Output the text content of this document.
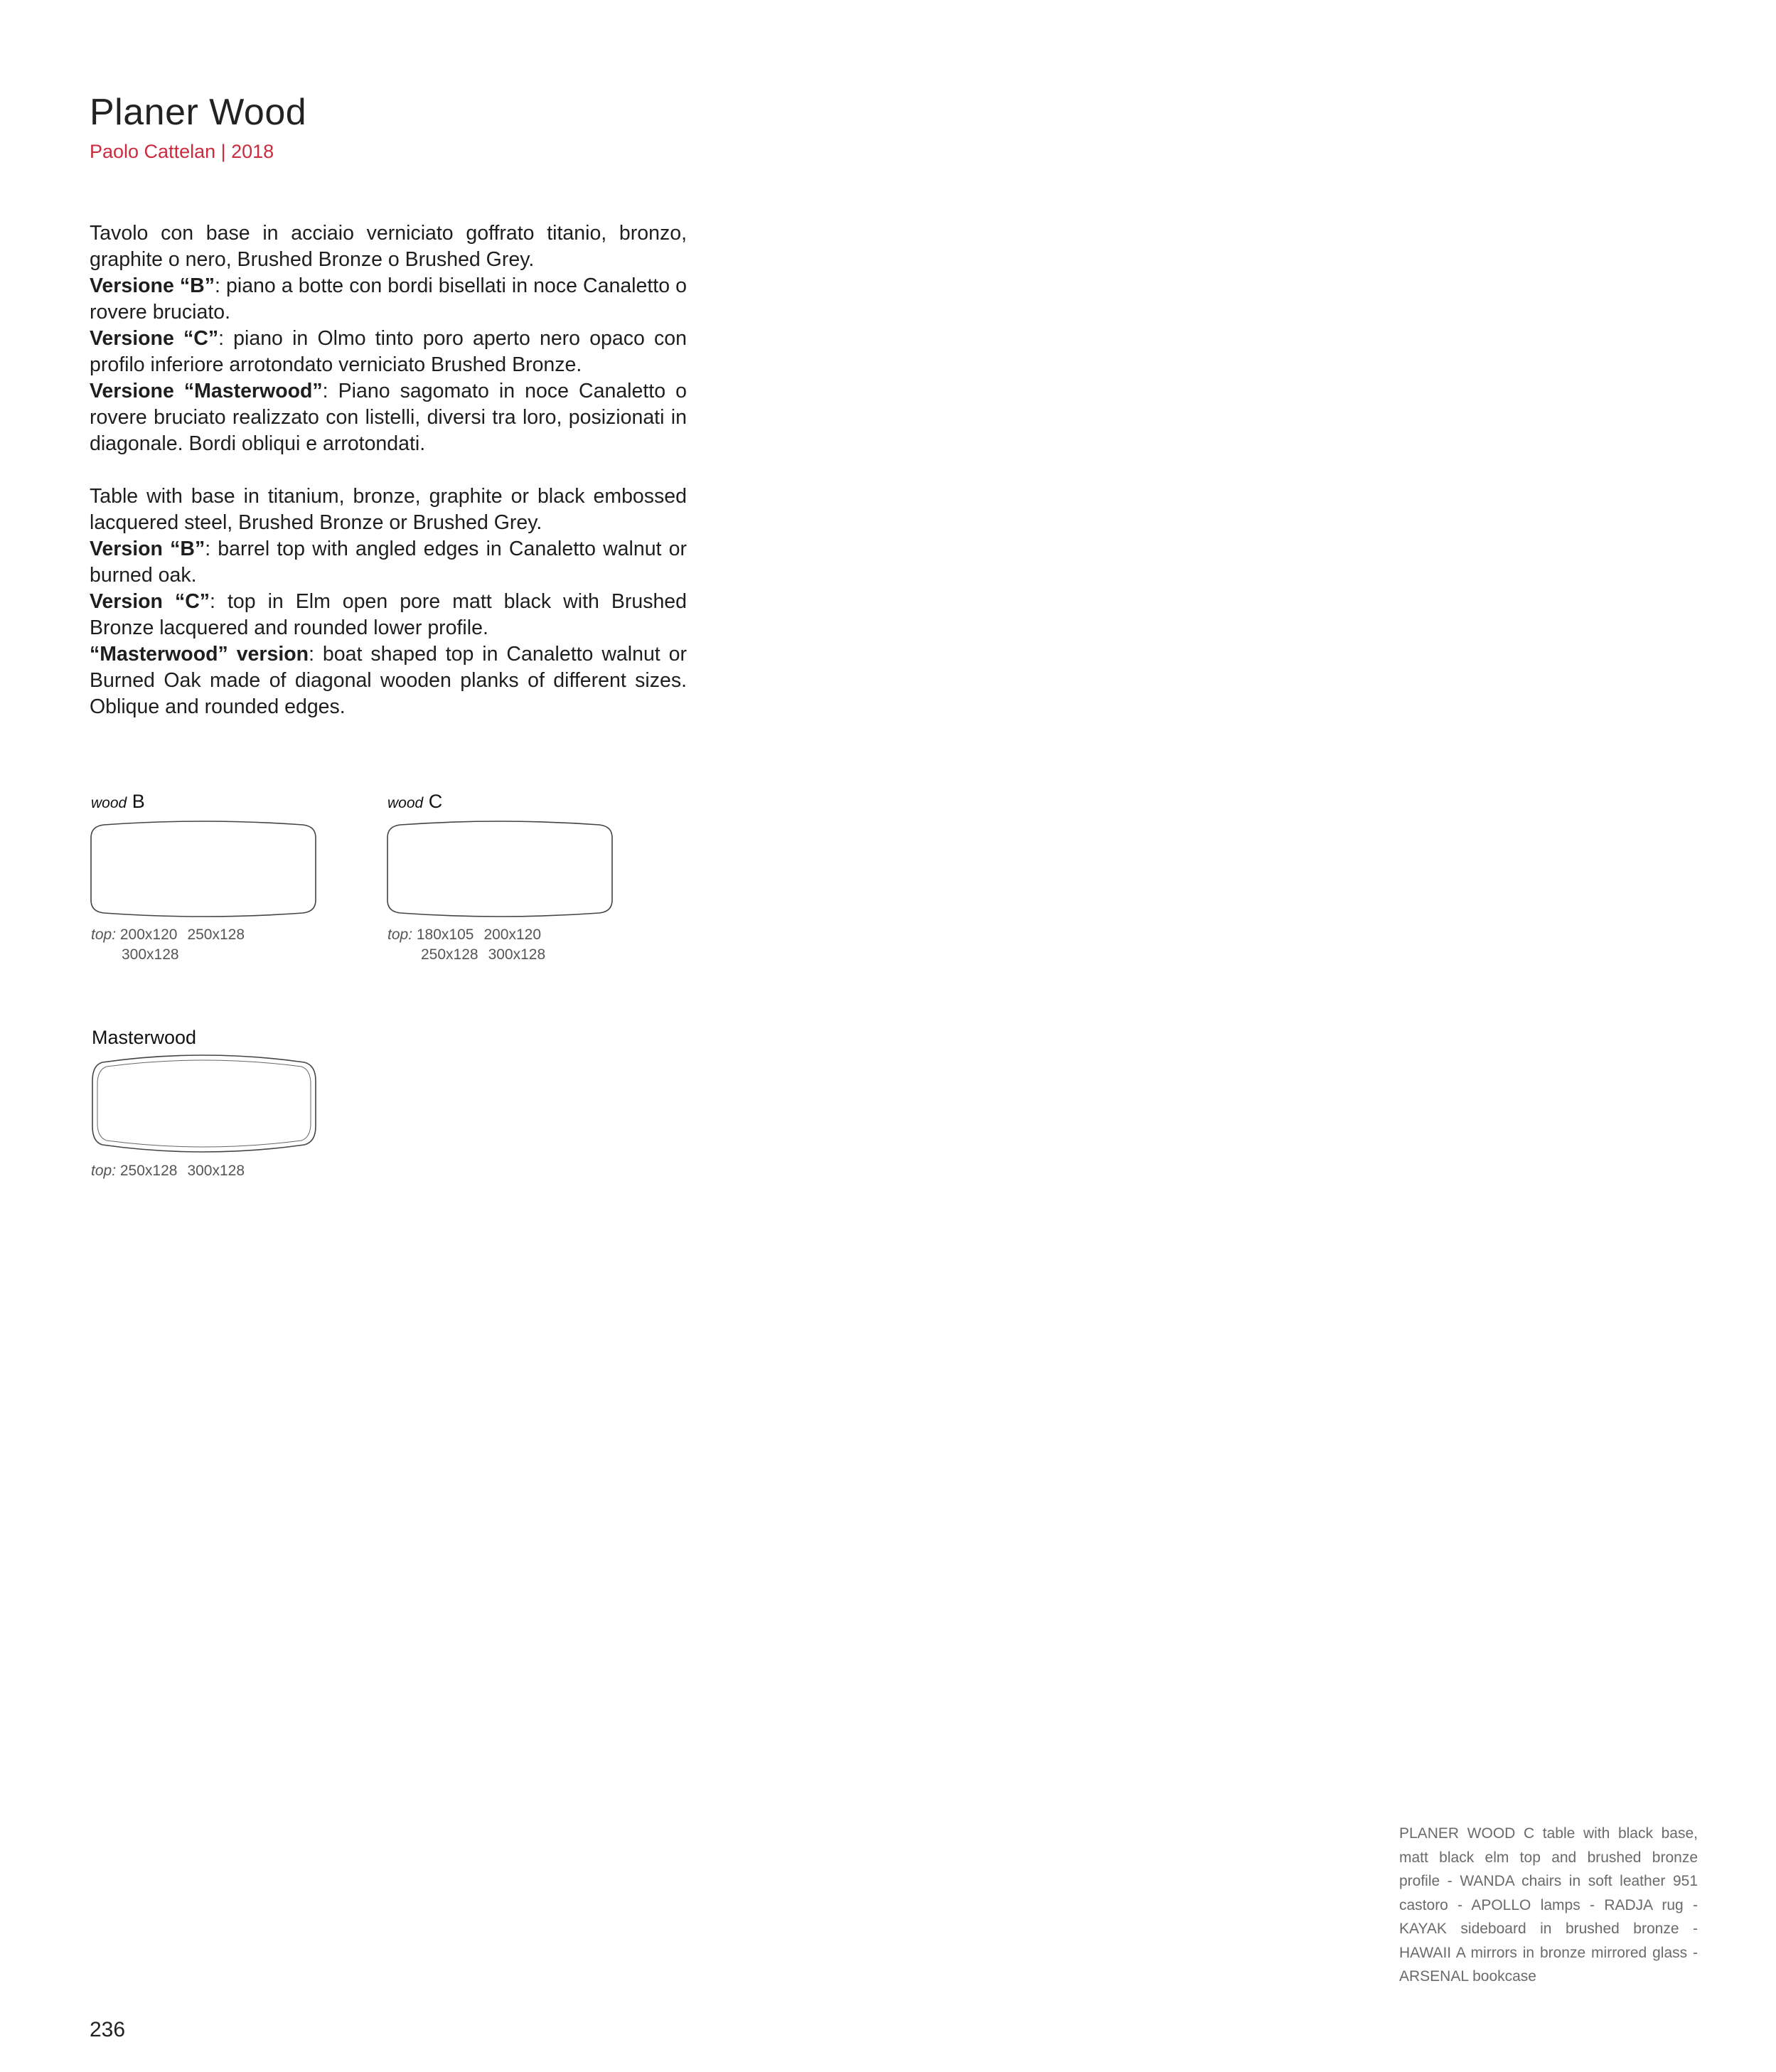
Planer Wood
Paolo Cattelan | 2018

Tavolo con base in acciaio verniciato goffrato titanio, bronzo, graphite o nero, Brushed Bronze o Brushed Grey.

Versione “B”: piano a botte con bordi bisellati in noce Canaletto o rovere bruciato.

Versione “C”: piano in Olmo tinto poro aperto nero opaco con profilo inferiore arrotondato verniciato Brushed Bronze.

Versione “Masterwood”: Piano sagomato in noce Canaletto o rovere bruciato realizzato con listelli, diversi tra loro, posizionati in diagonale. Bordi obliqui e arrotondati.

Table with base in titanium, bronze, graphite or black embossed lacquered steel, Brushed Bronze or Brushed Grey.

Version “B”: barrel top with angled edges in Canaletto walnut or burned oak.

Version “C”: top in Elm open pore matt black with Brushed Bronze lacquered and rounded lower profile.

“Masterwood” version: boat shaped top in Canaletto walnut or Burned Oak made of diagonal wooden planks of different sizes. Oblique and rounded edges.

wood B
top: 200x120 250x128
300x128
wood C
top: 180x105 200x120
250x128 300x128
Masterwood
top: 250x128 300x128
PLANER WOOD C table with black base, matt black elm top and brushed bronze profile - WANDA chairs in soft leather 951 castoro - APOLLO lamps - RADJA rug - KAYAK sideboard in brushed bronze - HAWAII A mirrors in bronze mirrored glass - ARSENAL bookcase
236
